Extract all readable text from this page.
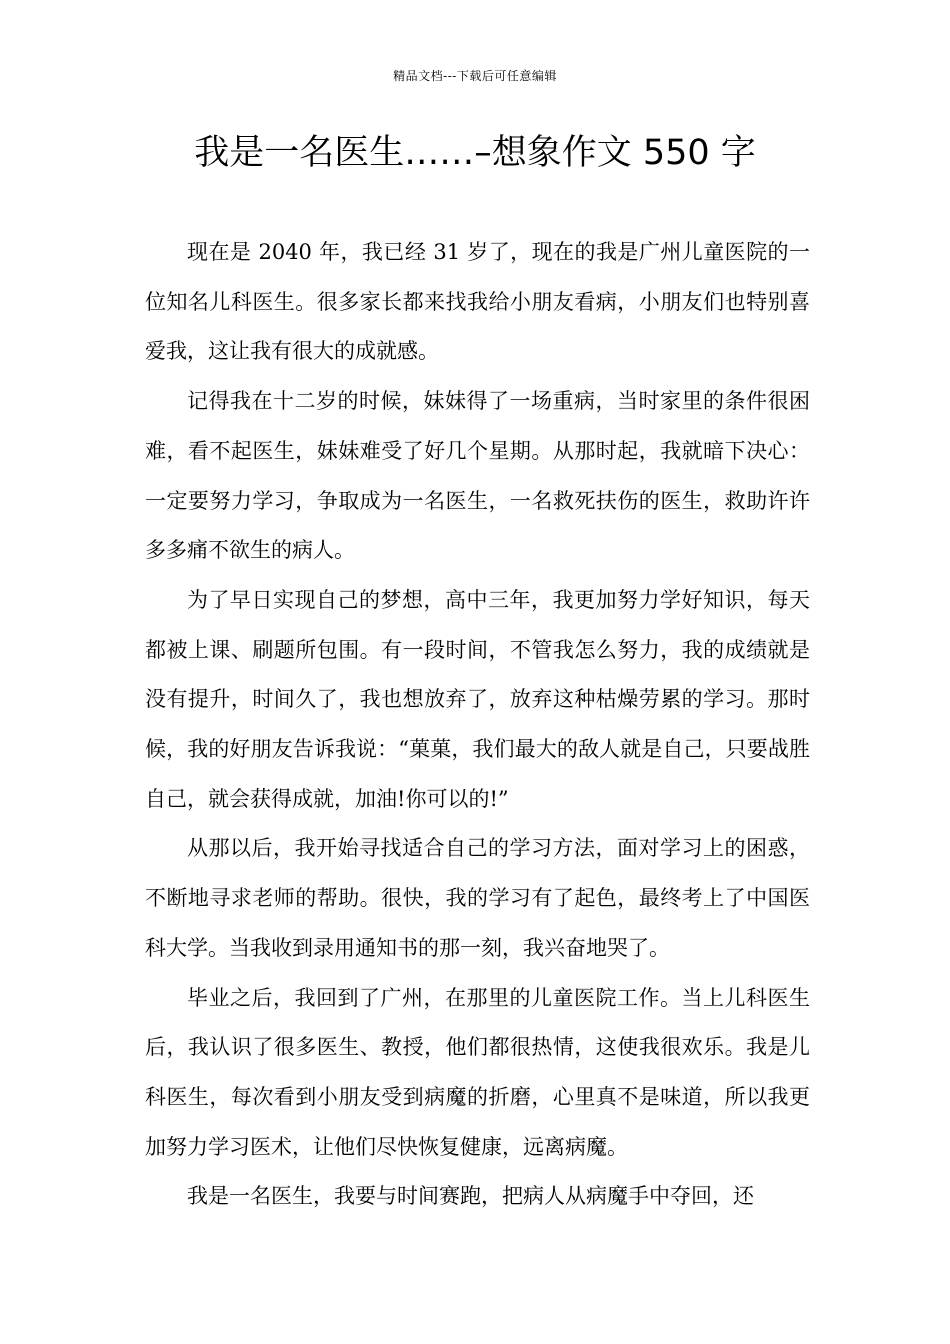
精品文档---下载后可任意编辑
我是一名医生……–想象作文 550 字

现在是 2040 年，我已经 31 岁了，现在的我是广州儿童医院的一位知名儿科医生。很多家长都来找我给小朋友看病，小朋友们也特别喜爱我，这让我有很大的成就感。

记得我在十二岁的时候，妹妹得了一场重病，当时家里的条件很困难，看不起医生，妹妹难受了好几个星期。从那时起，我就暗下决心：一定要努力学习，争取成为一名医生，一名救死扶伤的医生，救助许许多多痛不欲生的病人。

为了早日实现自己的梦想，高中三年，我更加努力学好知识，每天都被上课、刷题所包围。有一段时间，不管我怎么努力，我的成绩就是没有提升，时间久了，我也想放弃了，放弃这种枯燥劳累的学习。那时候，我的好朋友告诉我说：“菓菓，我们最大的敌人就是自己，只要战胜自己，就会获得成就，加油!你可以的!”

从那以后，我开始寻找适合自己的学习方法，面对学习上的困惑，不断地寻求老师的帮助。很快，我的学习有了起色，最终考上了中国医科大学。当我收到录用通知书的那一刻，我兴奋地哭了。

毕业之后，我回到了广州，在那里的儿童医院工作。当上儿科医生后，我认识了很多医生、教授，他们都很热情，这使我很欢乐。我是儿科医生，每次看到小朋友受到病魔的折磨，心里真不是味道，所以我更加努力学习医术，让他们尽快恢复健康，远离病魔。

我是一名医生，我要与时间赛跑，把病人从病魔手中夺回，还
